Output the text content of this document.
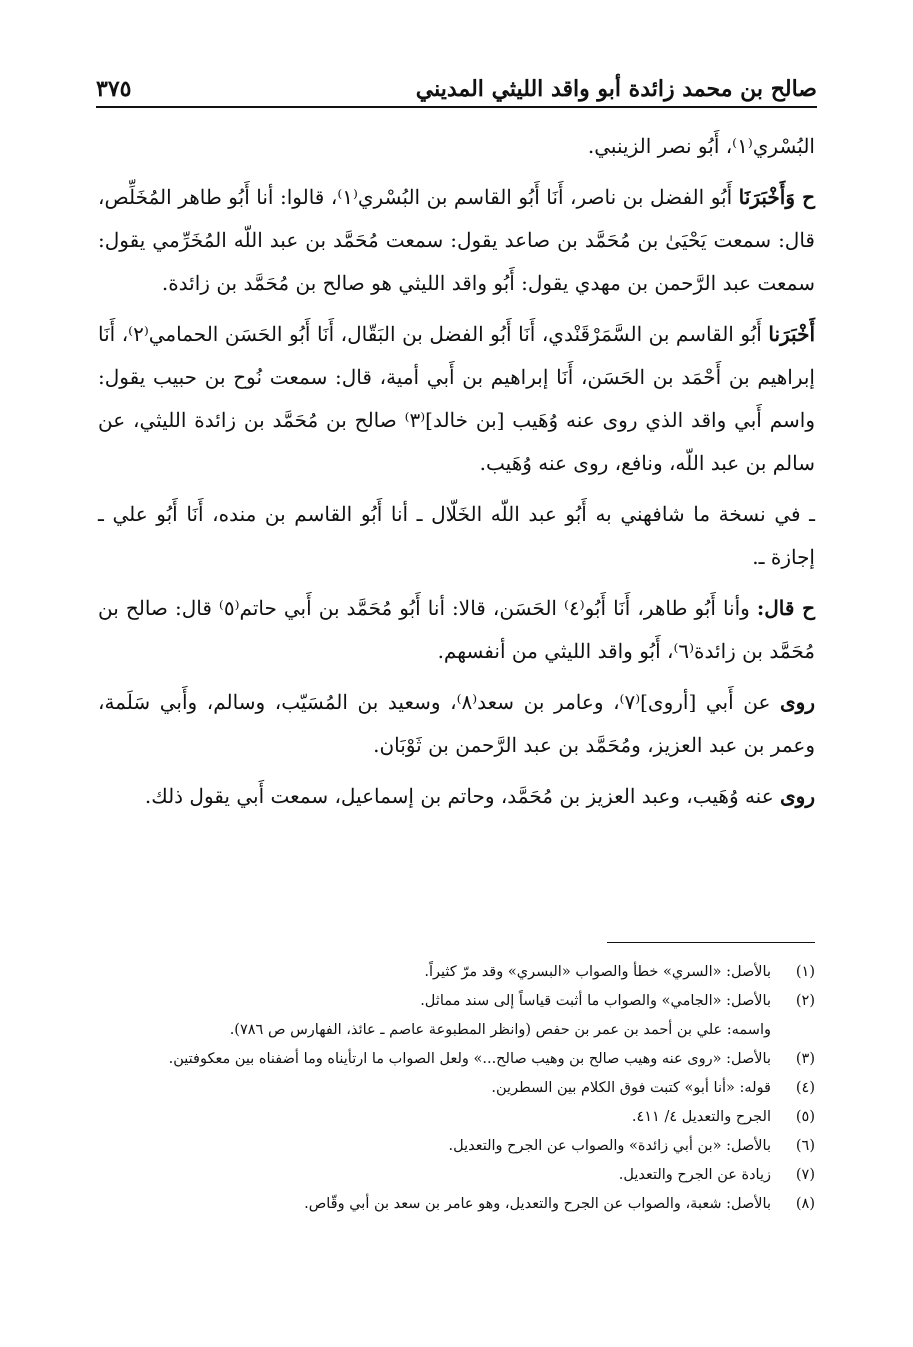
صالح بن محمد زائدة أبو واقد الليثي المديني
٣٧٥

البُسْري⁽١⁾، أَبُو نصر الزينبي.

ح وَأَخْبَرَنَا أَبُو الفضل بن ناصر، أَنَا أَبُو القاسم بن البُسْري⁽١⁾، قالوا: أنا أَبُو طاهر المُخَلِّص، قال: سمعت يَحْيَىٰ بن مُحَمَّد بن صاعد يقول: سمعت مُحَمَّد بن عبد اللّه المُخَرِّمي يقول: سمعت عبد الرَّحمن بن مهدي يقول: أَبُو واقد الليثي هو صالح بن مُحَمَّد بن زائدة.

أَخْبَرَنا أَبُو القاسم بن السَّمَرْقَنْدي، أَنَا أَبُو الفضل بن البَقّال، أَنَا أَبُو الحَسَن الحمامي⁽٢⁾، أَنَا إبراهيم بن أَحْمَد بن الحَسَن، أَنَا إبراهيم بن أَبي أمية، قال: سمعت نُوح بن حبيب يقول: واسم أَبي واقد الذي روى عنه وُهَيب [بن خالد]⁽٣⁾ صالح بن مُحَمَّد بن زائدة الليثي، عن سالم بن عبد اللّه، ونافع، روى عنه وُهَيب.

ـ في نسخة ما شافهني به أَبُو عبد اللّه الخَلّال ـ أنا أَبُو القاسم بن منده، أَنَا أَبُو علي ـ إجازة ـ.

ح قال: وأنا أَبُو طاهر، أَنَا أَبُو⁽٤⁾ الحَسَن، قالا: أنا أَبُو مُحَمَّد بن أَبي حاتم⁽٥⁾ قال: صالح بن مُحَمَّد بن زائدة⁽٦⁾، أَبُو واقد الليثي من أنفسهم.

روى عن أَبي [أروى]⁽٧⁾، وعامر بن سعد⁽٨⁾، وسعيد بن المُسَيّب، وسالم، وأَبي سَلَمة، وعمر بن عبد العزيز، ومُحَمَّد بن عبد الرَّحمن بن ثَوْبَان.

روى عنه وُهَيب، وعبد العزيز بن مُحَمَّد، وحاتم بن إسماعيل، سمعت أَبي يقول ذلك.

(١)
بالأصل: «السري» خطأ والصواب «البسري» وقد مرّ كثيراً.
(٢)
بالأصل: «الجامي» والصواب ما أثبت قياساً إلى سند مماثل.
واسمه: علي بن أحمد بن عمر بن حفص (وانظر المطبوعة عاصم ـ عائذ، الفهارس ص ٧٨٦).
(٣)
بالأصل: «روى عنه وهيب صالح بن وهيب صالح...» ولعل الصواب ما ارتأيناه وما أضفناه بين معكوفتين.
(٤)
قوله: «أنا أبو» كتبت فوق الكلام بين السطرين.
(٥)
الجرح والتعديل ٤/ ٤١١.
(٦)
بالأصل: «بن أبي زائدة» والصواب عن الجرح والتعديل.
(٧)
زيادة عن الجرح والتعديل.
(٨)
بالأصل: شعبة، والصواب عن الجرح والتعديل، وهو عامر بن سعد بن أبي وقّاص.
